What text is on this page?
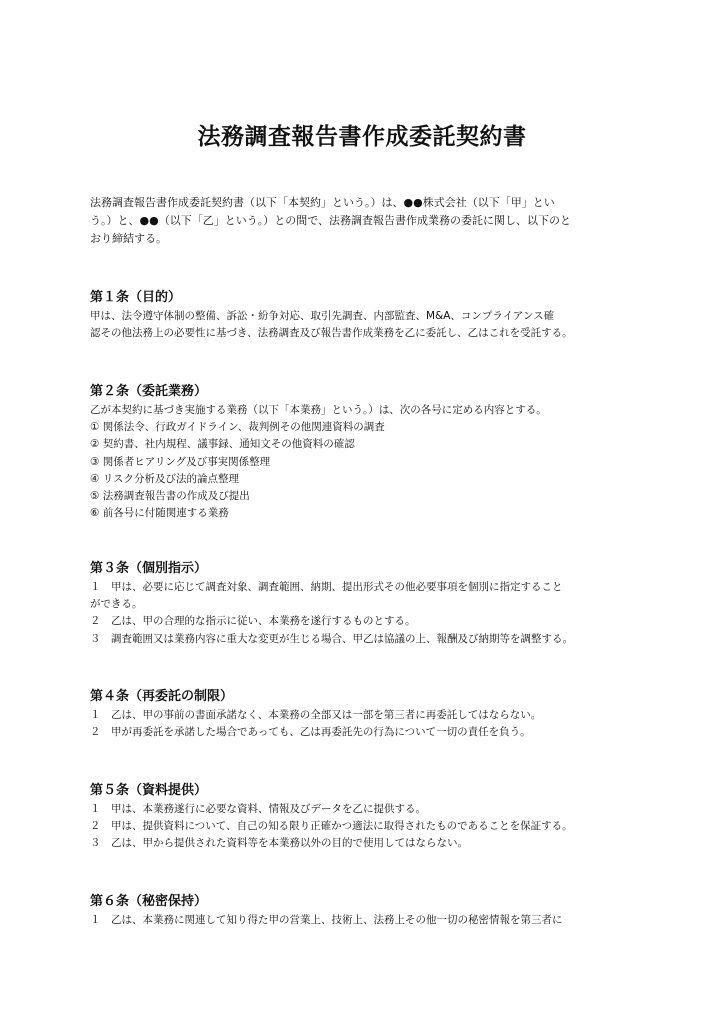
法務調査報告書作成委託契約書

法務調査報告書作成委託契約書（以下「本契約」という。）は、●●株式会社（以下「甲」とい

う。）と、●●（以下「乙」という。）との間で、法務調査報告書作成業務の委託に関し、以下のと

おり締結する。

第１条（目的）

甲は、法令遵守体制の整備、訴訟・紛争対応、取引先調査、内部監査、M&A、コンプライアンス確

認その他法務上の必要性に基づき、法務調査及び報告書作成業務を乙に委託し、乙はこれを受託する。

第２条（委託業務）

乙が本契約に基づき実施する業務（以下「本業務」という。）は、次の各号に定める内容とする。

① 関係法令、行政ガイドライン、裁判例その他関連資料の調査

② 契約書、社内規程、議事録、通知文その他資料の確認

③ 関係者ヒアリング及び事実関係整理

④ リスク分析及び法的論点整理

⑤ 法務調査報告書の作成及び提出

⑥ 前各号に付随関連する業務

第３条（個別指示）

１　甲は、必要に応じて調査対象、調査範囲、納期、提出形式その他必要事項を個別に指定すること

ができる。

２　乙は、甲の合理的な指示に従い、本業務を遂行するものとする。

３　調査範囲又は業務内容に重大な変更が生じる場合、甲乙は協議の上、報酬及び納期等を調整する。

第４条（再委託の制限）

１　乙は、甲の事前の書面承諾なく、本業務の全部又は一部を第三者に再委託してはならない。

２　甲が再委託を承諾した場合であっても、乙は再委託先の行為について一切の責任を負う。

第５条（資料提供）

１　甲は、本業務遂行に必要な資料、情報及びデータを乙に提供する。

２　甲は、提供資料について、自己の知る限り正確かつ適法に取得されたものであることを保証する。

３　乙は、甲から提供された資料等を本業務以外の目的で使用してはならない。

第６条（秘密保持）

１　乙は、本業務に関連して知り得た甲の営業上、技術上、法務上その他一切の秘密情報を第三者に
